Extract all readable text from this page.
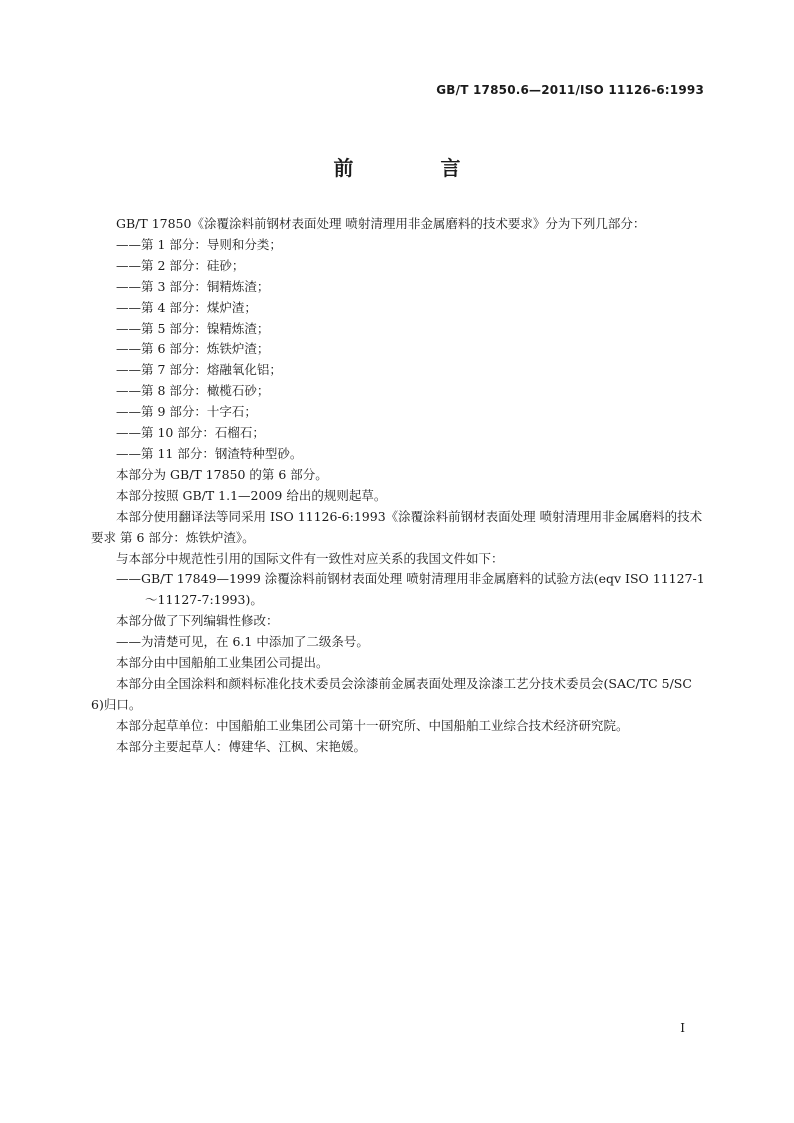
GB/T 17850.6—2011/ISO 11126-6:1993
前 言

GB/T 17850《涂覆涂料前钢材表面处理 喷射清理用非金属磨料的技术要求》分为下列几部分：

——第 1 部分：导则和分类；

——第 2 部分：硅砂；

——第 3 部分：铜精炼渣；

——第 4 部分：煤炉渣；

——第 5 部分：镍精炼渣；

——第 6 部分：炼铁炉渣；

——第 7 部分：熔融氧化铝；

——第 8 部分：橄榄石砂；

——第 9 部分：十字石；

——第 10 部分：石榴石；

——第 11 部分：钢渣特种型砂。

本部分为 GB/T 17850 的第 6 部分。

本部分按照 GB/T 1.1—2009 给出的规则起草。

本部分使用翻译法等同采用 ISO 11126-6:1993《涂覆涂料前钢材表面处理 喷射清理用非金属磨料的技术要求 第 6 部分：炼铁炉渣》。

与本部分中规范性引用的国际文件有一致性对应关系的我国文件如下：

——GB/T 17849—1999 涂覆涂料前钢材表面处理 喷射清理用非金属磨料的试验方法(eqv ISO 11127-1～11127-7:1993)。

本部分做了下列编辑性修改：

——为清楚可见，在 6.1 中添加了二级条号。

本部分由中国船舶工业集团公司提出。

本部分由全国涂料和颜料标准化技术委员会涂漆前金属表面处理及涂漆工艺分技术委员会(SAC/TC 5/SC 6)归口。

本部分起草单位：中国船舶工业集团公司第十一研究所、中国船舶工业综合技术经济研究院。

本部分主要起草人：傅建华、江枫、宋艳媛。

I
